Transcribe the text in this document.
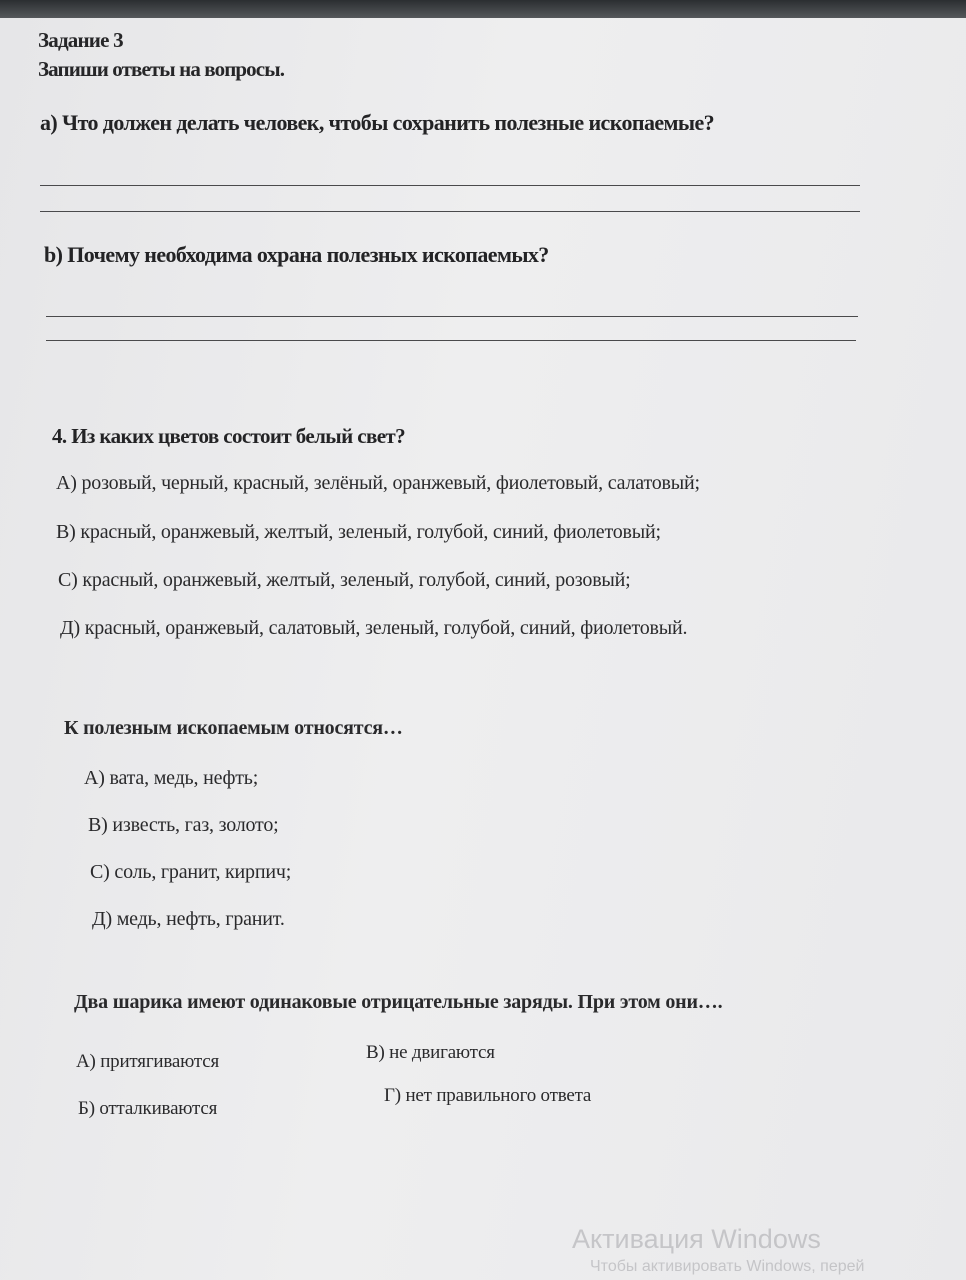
Задание 3
Запиши ответы на вопросы.
а) Что должен делать человек, чтобы сохранить полезные ископаемые?
b) Почему необходима охрана полезных ископаемых?
4. Из каких цветов состоит белый свет?
А) розовый, черный, красный, зелёный, оранжевый, фиолетовый, салатовый;
В) красный, оранжевый, желтый, зеленый, голубой, синий, фиолетовый;
С) красный, оранжевый, желтый, зеленый, голубой, синий, розовый;
Д) красный, оранжевый, салатовый, зеленый, голубой, синий, фиолетовый.
К полезным ископаемым относятся…
А) вата, медь, нефть;
В) известь, газ, золото;
С) соль, гранит, кирпич;
Д) медь, нефть, гранит.
Два шарика имеют одинаковые отрицательные заряды. При этом они….
А) притягиваются	В) не двигаются
Б) отталкиваются
Г) нет правильного ответа
Активация Windows
Чтобы активировать Windows, перей
